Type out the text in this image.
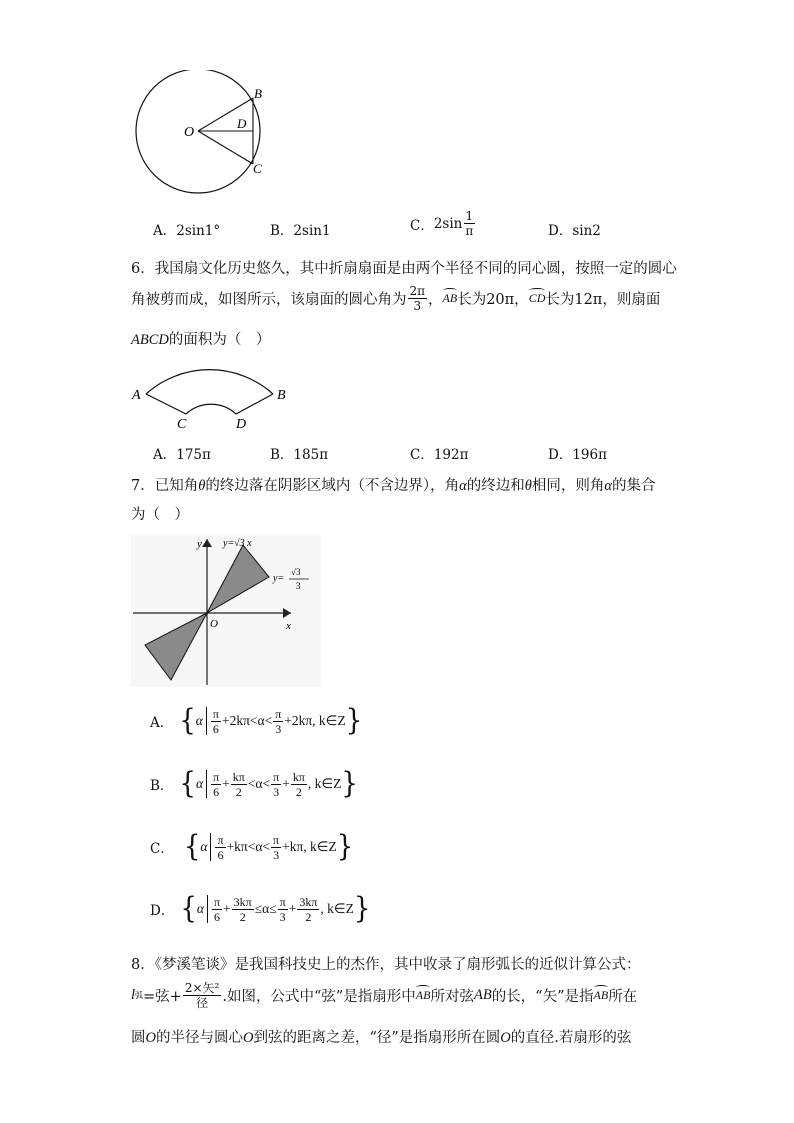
O
B
C
D
A．2sin1°	B．2sin1	C． $2\sin \frac{1}{\pi}$	D．sin2
6．我国扇文化历史悠久，其中折扇扇面是由两个半径不同的同心圆，按照一定的圆心
角被剪而成，如图所示，该扇面的圆心角为 $\frac{2\pi}{3}$ ， AB 长为20π， CD 长为12π，则扇面
ABCD的面积为（　）
A	B
C	D
A．175π	B．185π	C．192π	D．196π
7．已知角θ的终边落在阴影区域内（不含边界），角α的终边和θ相同，则角α的集合
为（　）
y
x
O
y=√3 x
y=
√3
3
A． { α $\frac{\pi}{6} +2k\pi<\alpha< \frac{\pi}{3} +2k\pi$, k∈Z }
B． { α $\frac{\pi}{6} + \frac{k\pi}{2} <\alpha< \frac{\pi}{3} + \frac{k\pi}{2}$ , k∈Z }
C． { α $\frac{\pi}{6} +k\pi<\alpha< \frac{\pi}{3} +k\pi$, k∈Z }
D． { α $\frac{\pi}{6} + \frac{3k\pi}{2} \le\alpha\le \frac{\pi}{3} + \frac{3k\pi}{2}$ , k∈Z }
8．《梦溪笔谈》是我国科技史上的杰作，其中收录了扇形弧长的近似计算公式：
l 弧 =弦+ $\frac{\text{2×矢²}}{\text{径}}$ .如图，公式中“弦”是指扇形中 AB 所对弦 AB 的长，“矢”是指 AB 所在
圆O的半径与圆心O到弦的距离之差，“径”是指扇形所在圆O的直径.若扇形的弦
